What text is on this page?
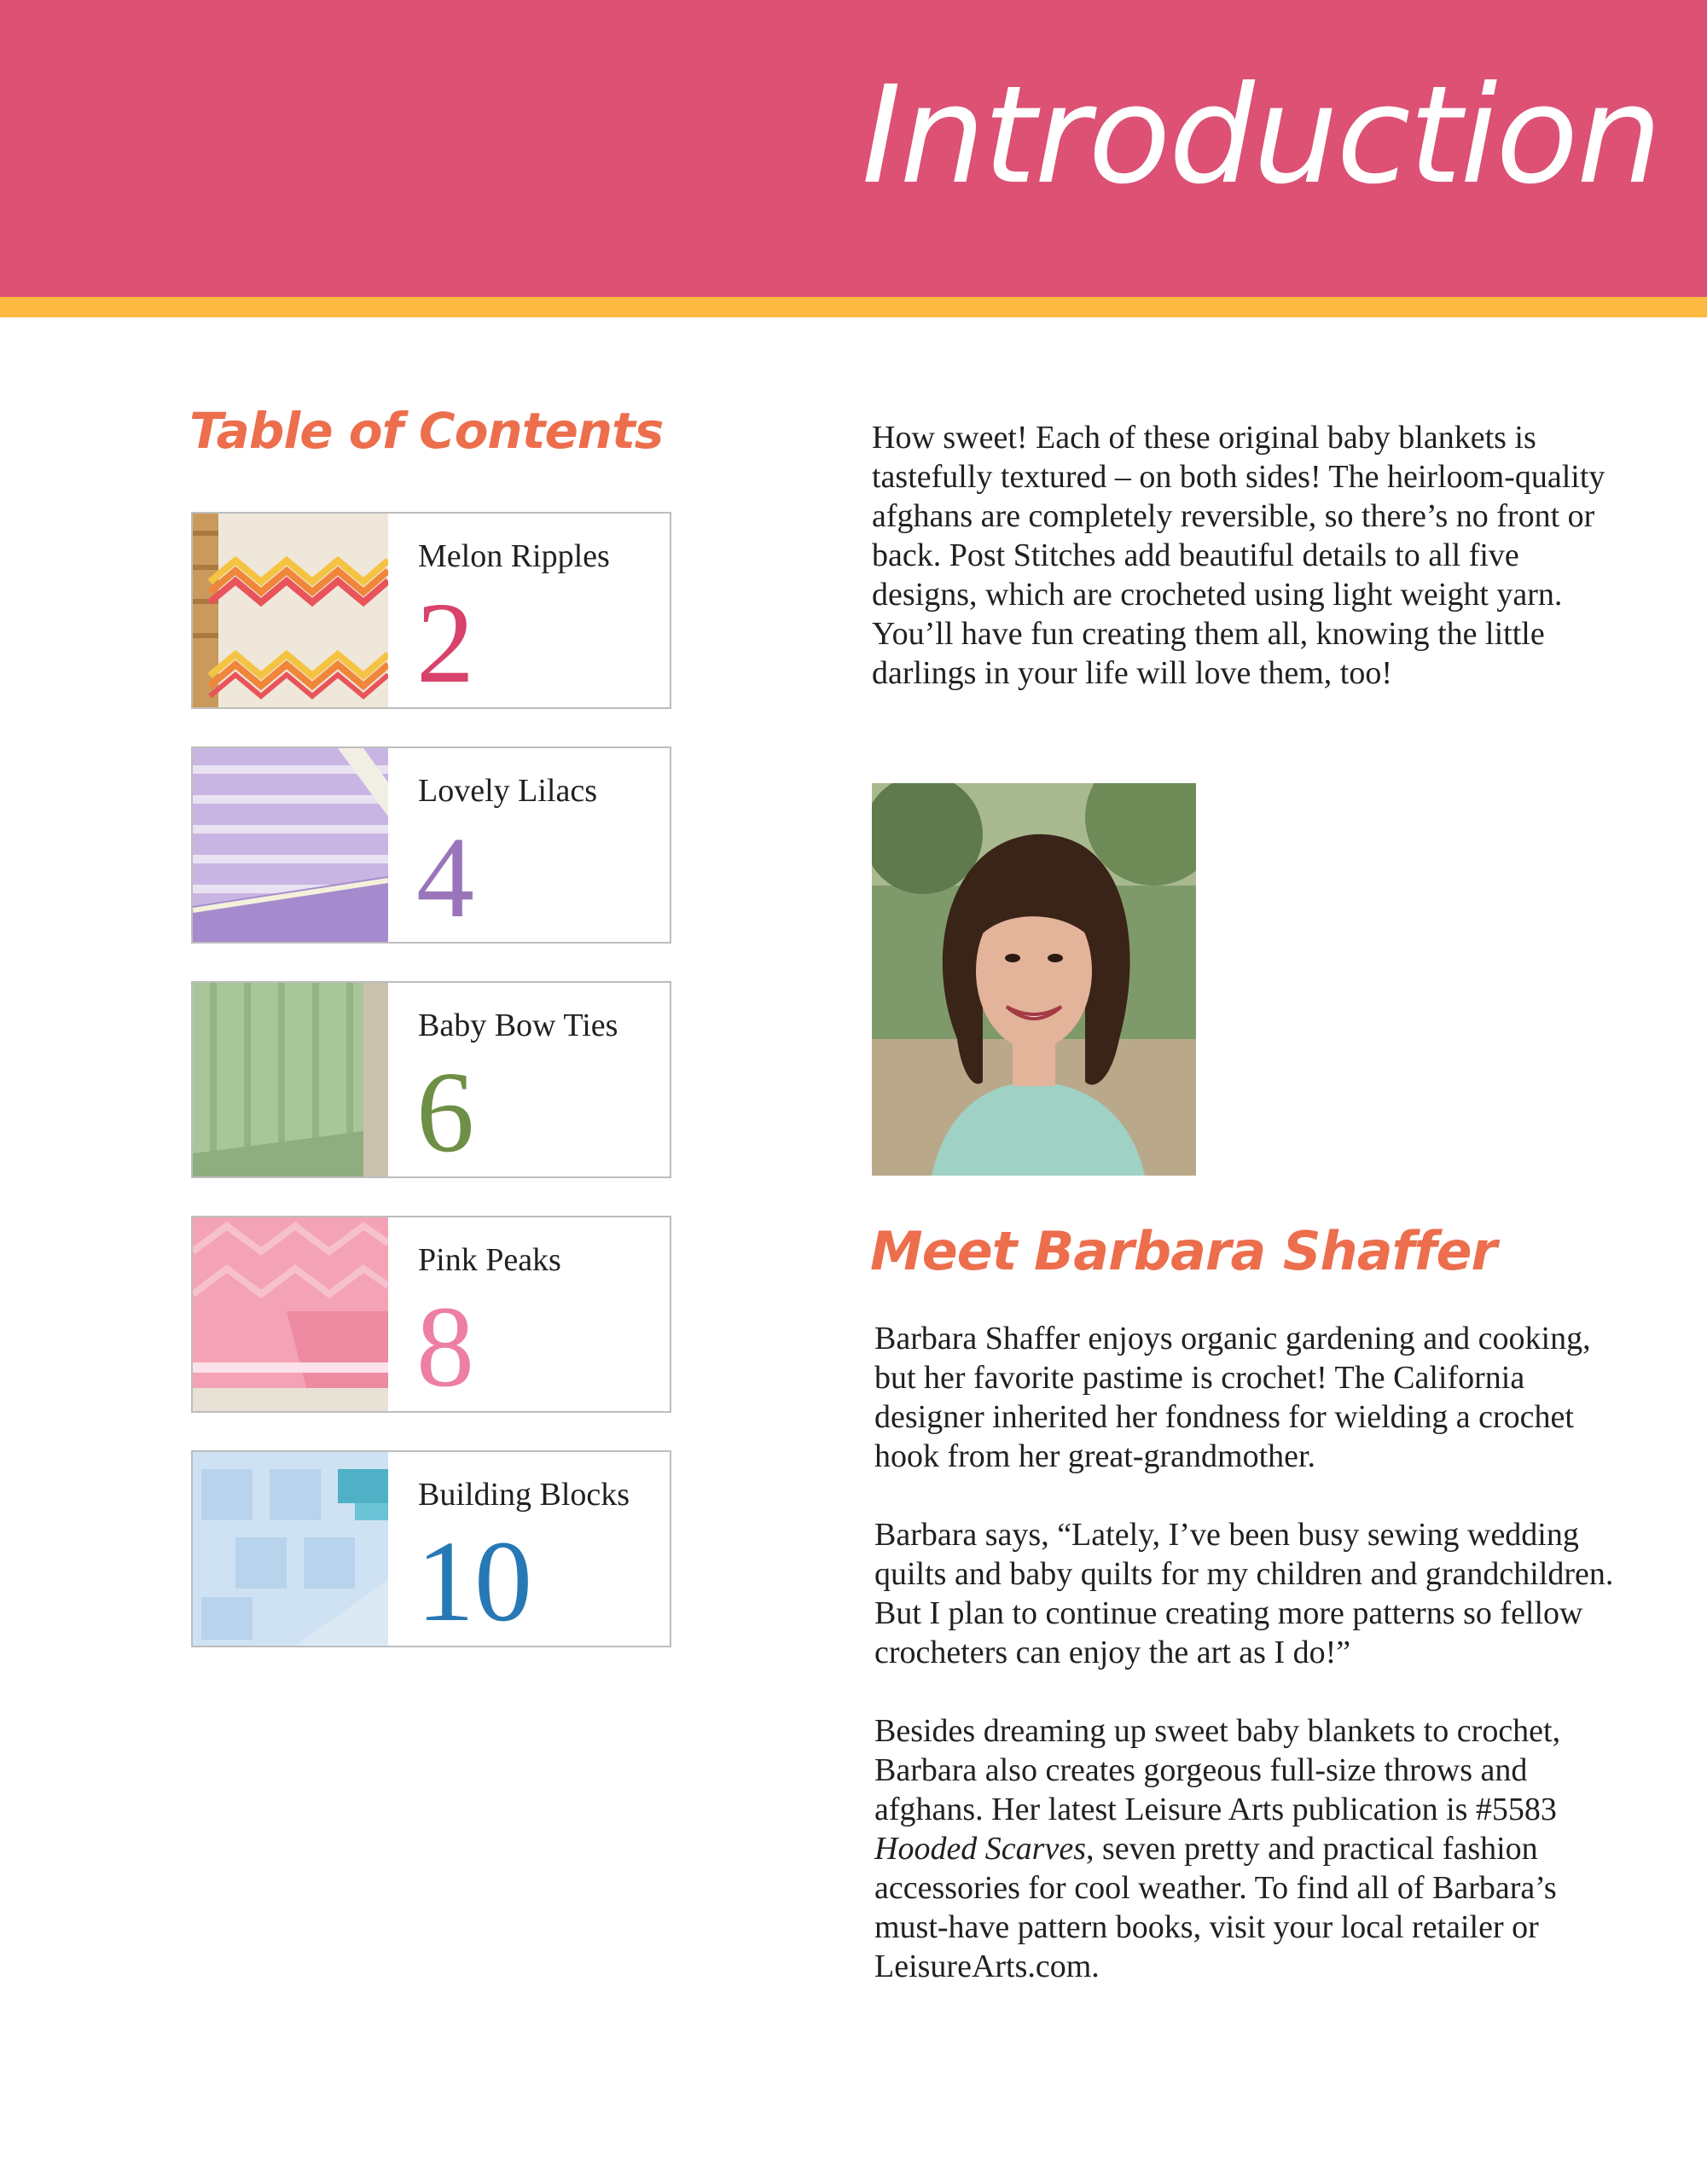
Introduction
Table of Contents
Melon Ripples
2
Lovely Lilacs
4
Baby Bow Ties
6
Pink Peaks
8
Building Blocks
10

How sweet! Each of these original baby blankets is tastefully textured – on both sides! The heirloom-quality afghans are completely reversible, so there’s no front or back. Post Stitches add beautiful details to all five designs, which are crocheted using light weight yarn. You’ll have fun creating them all, knowing the little darlings in your life will love them, too!

Meet Barbara Shaffer

Barbara Shaffer enjoys organic gardening and cooking, but her favorite pastime is crochet! The California designer inherited her fondness for wielding a crochet hook from her great-grandmother.

Barbara says, “Lately, I’ve been busy sewing wedding quilts and baby quilts for my children and grandchildren. But I plan to continue creating more patterns so fellow crocheters can enjoy the art as I do!”

Besides dreaming up sweet baby blankets to crochet, Barbara also creates gorgeous full-size throws and afghans. Her latest Leisure Arts publication is #5583 Hooded Scarves, seven pretty and practical fashion accessories for cool weather. To find all of Barbara’s must-have pattern books, visit your local retailer or LeisureArts.com.
